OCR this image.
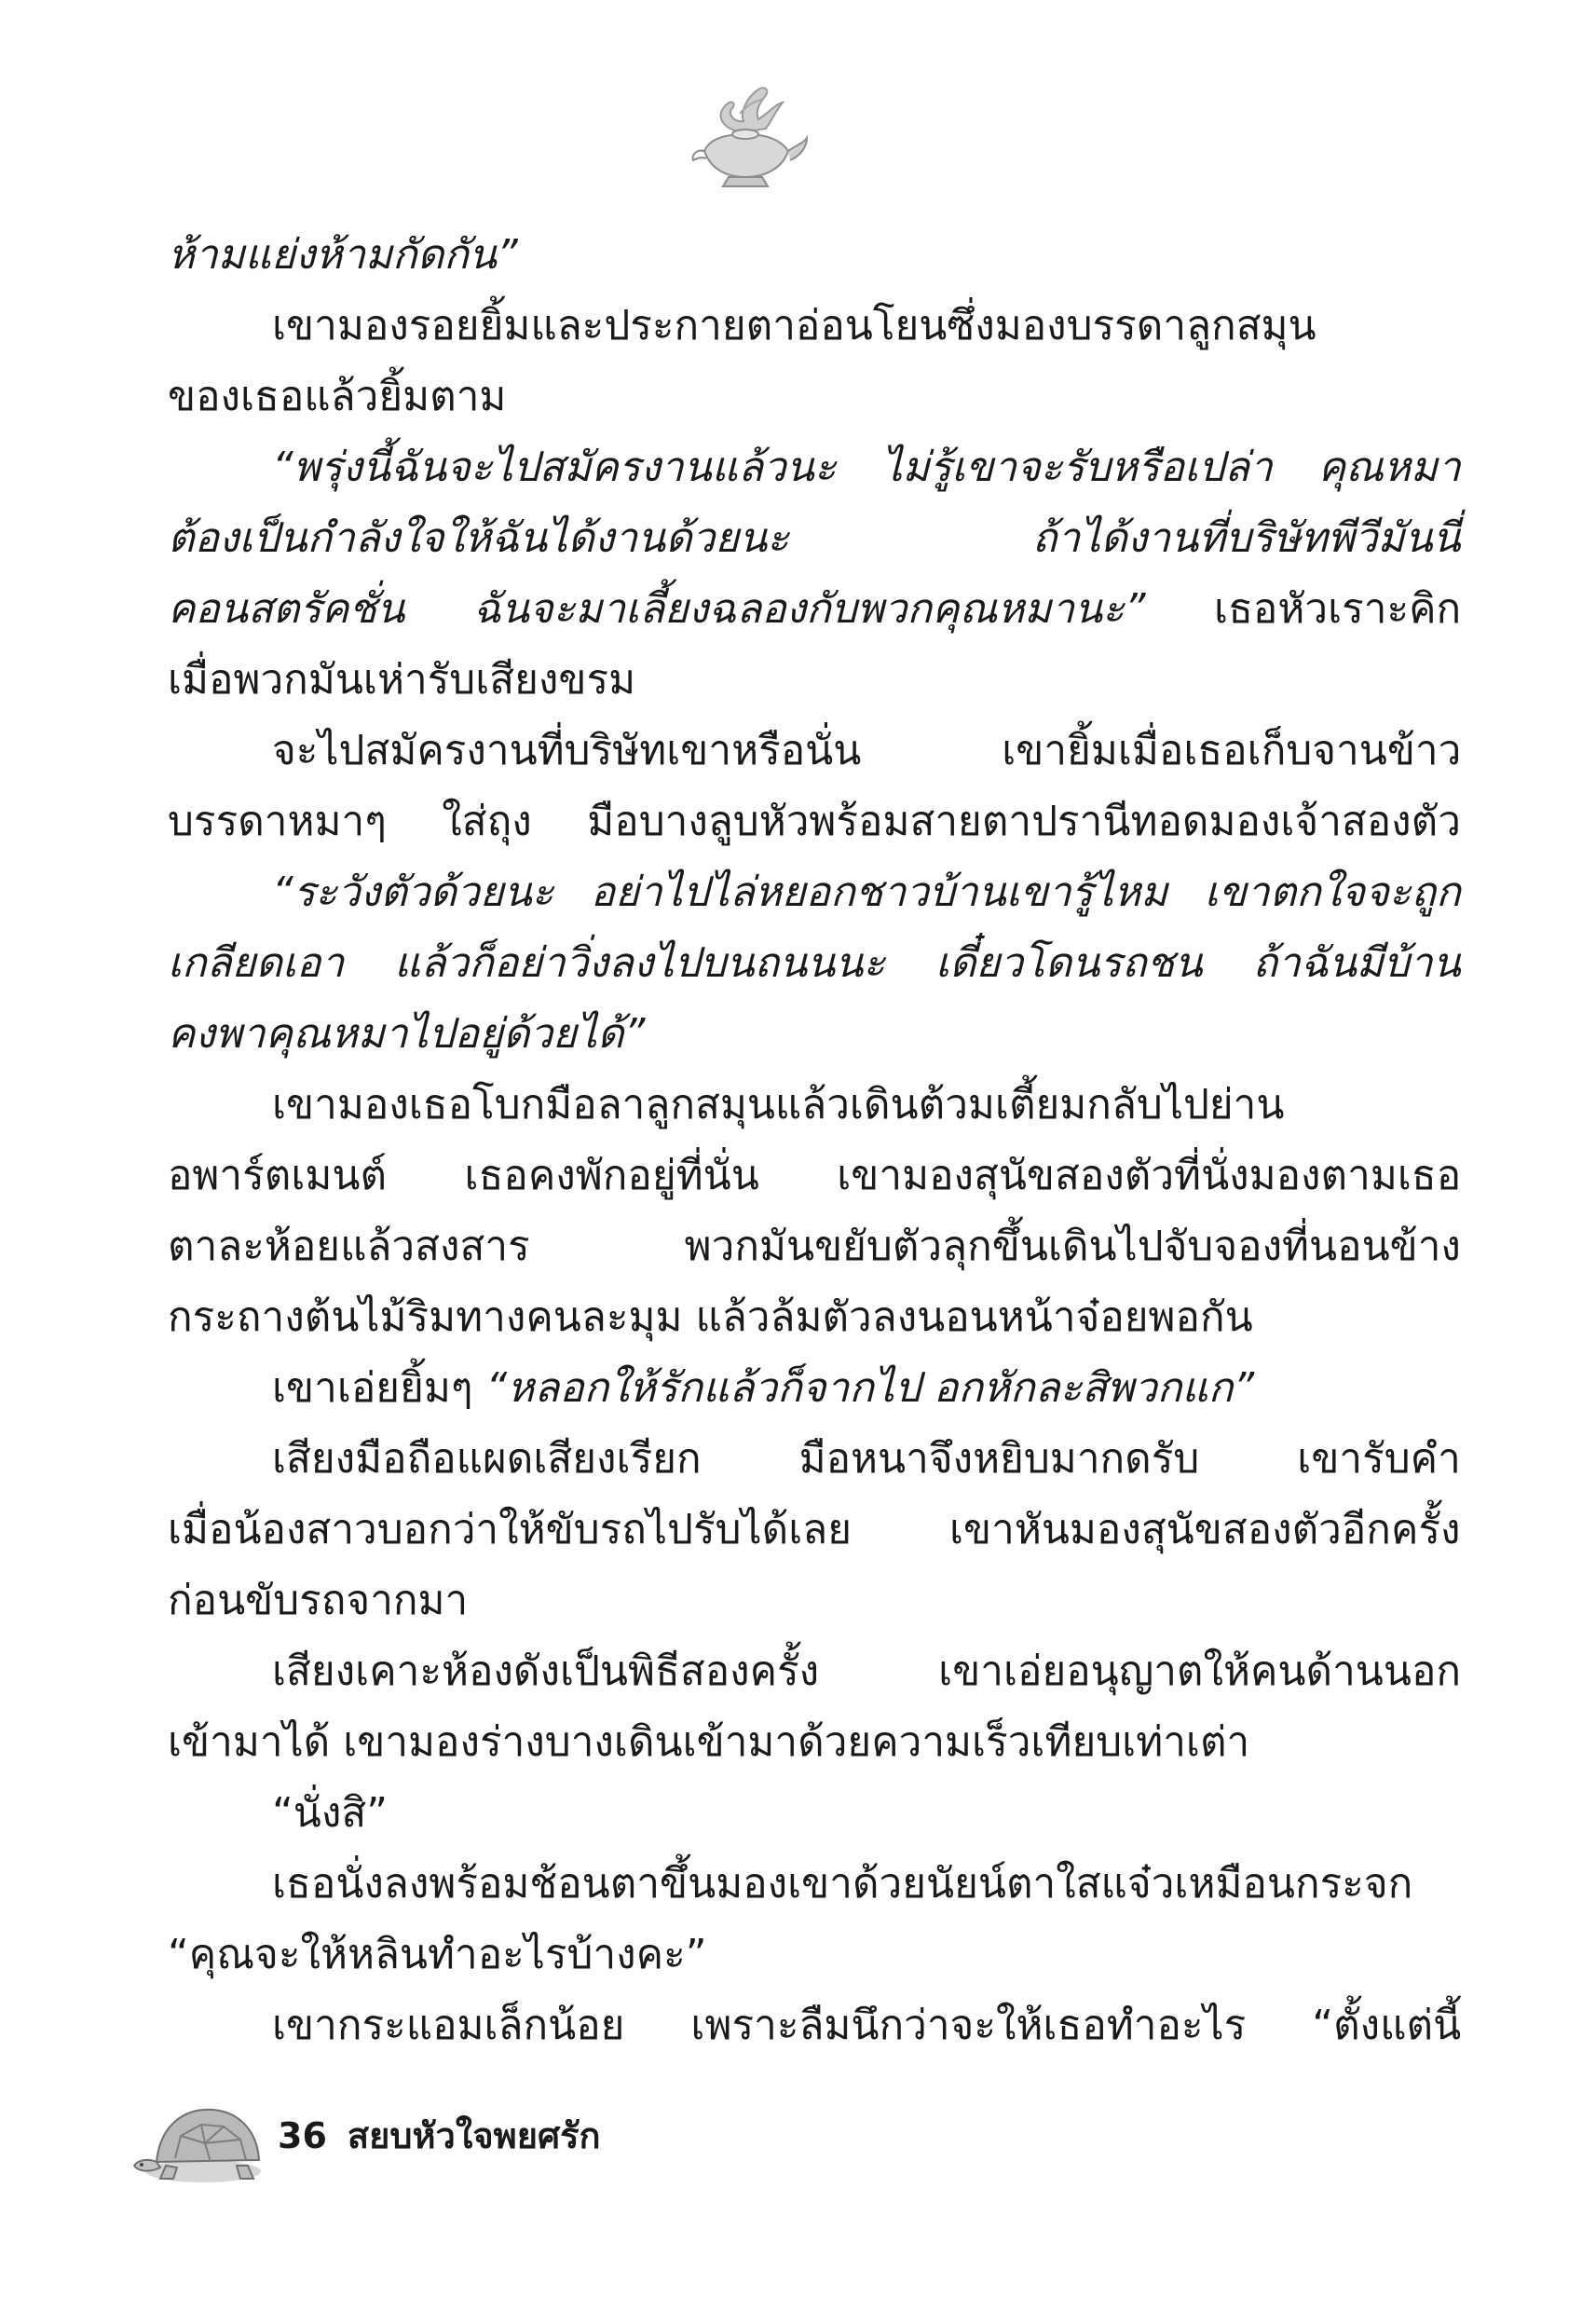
ห้ามแย่งห้ามกัดกัน”

เขามองรอยยิ้มและประกายตาอ่อนโยนซึ่งมองบรรดาลูกสมุน

ของเธอแล้วยิ้มตาม

“พรุ่งนี้ฉันจะไปสมัครงานแล้วนะ ไม่รู้เขาจะรับหรือเปล่า คุณหมา

ต้องเป็นกำลังใจให้ฉันได้งานด้วยนะ ถ้าได้งานที่บริษัทพีวีมันนี่

คอนสตรัคชั่น ฉันจะมาเลี้ยงฉลองกับพวกคุณหมานะ” เธอหัวเราะคิก

เมื่อพวกมันเห่ารับเสียงขรม

จะไปสมัครงานที่บริษัทเขาหรือนั่น เขายิ้มเมื่อเธอเก็บจานข้าว

บรรดาหมาๆ ใส่ถุง มือบางลูบหัวพร้อมสายตาปรานีทอดมองเจ้าสองตัว

“ระวังตัวด้วยนะ อย่าไปไล่หยอกชาวบ้านเขารู้ไหม เขาตกใจจะถูก

เกลียดเอา แล้วก็อย่าวิ่งลงไปบนถนนนะ เดี๋ยวโดนรถชน ถ้าฉันมีบ้าน

คงพาคุณหมาไปอยู่ด้วยได้”

เขามองเธอโบกมือลาลูกสมุนแล้วเดินต้วมเตี้ยมกลับไปย่าน

อพาร์ตเมนต์ เธอคงพักอยู่ที่นั่น เขามองสุนัขสองตัวที่นั่งมองตามเธอ

ตาละห้อยแล้วสงสาร พวกมันขยับตัวลุกขึ้นเดินไปจับจองที่นอนข้าง

กระถางต้นไม้ริมทางคนละมุม แล้วล้มตัวลงนอนหน้าจ๋อยพอกัน

เขาเอ่ยยิ้มๆ “หลอกให้รักแล้วก็จากไป อกหักละสิพวกแก”

เสียงมือถือแผดเสียงเรียก มือหนาจึงหยิบมากดรับ เขารับคำ

เมื่อน้องสาวบอกว่าให้ขับรถไปรับได้เลย เขาหันมองสุนัขสองตัวอีกครั้ง

ก่อนขับรถจากมา

เสียงเคาะห้องดังเป็นพิธีสองครั้ง เขาเอ่ยอนุญาตให้คนด้านนอก

เข้ามาได้ เขามองร่างบางเดินเข้ามาด้วยความเร็วเทียบเท่าเต่า

“นั่งสิ”

เธอนั่งลงพร้อมช้อนตาขึ้นมองเขาด้วยนัยน์ตาใสแจ๋วเหมือนกระจก

“คุณจะให้หลินทำอะไรบ้างคะ”

เขากระแอมเล็กน้อย เพราะลืมนึกว่าจะให้เธอทำอะไร “ตั้งแต่นี้

36 สยบหัวใจพยศรัก
